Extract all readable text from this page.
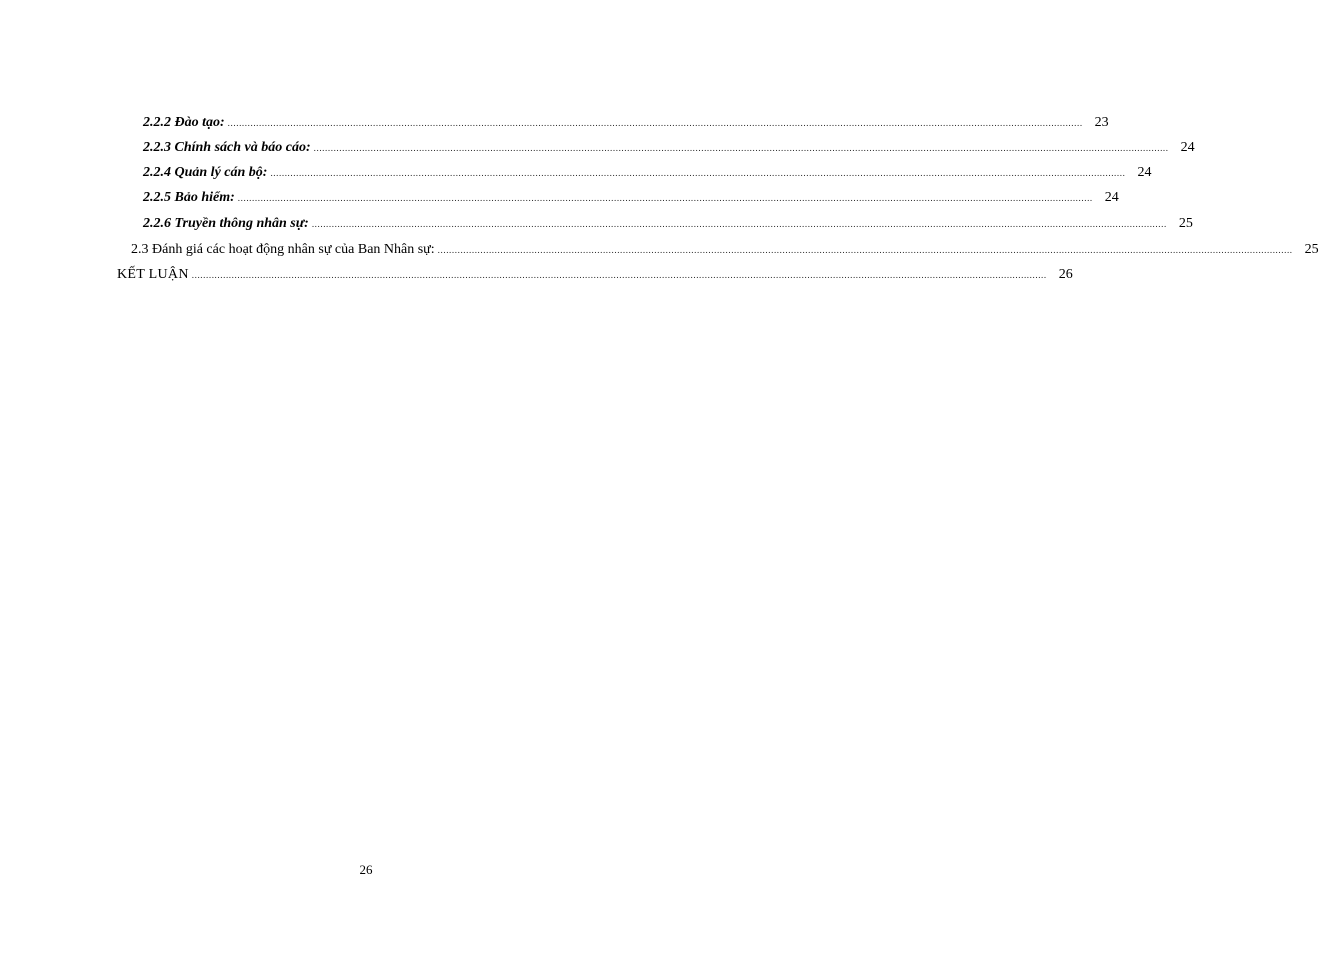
2.2.2 Đào tạo: ............................................................................................................................................................................................................................................................................................................ 23
2.2.3 Chính sách và báo cáo: ............................................................................................................................................................................................................................................................................................................ 24
2.2.4 Quản lý cán bộ: ............................................................................................................................................................................................................................................................................................................ 24
2.2.5 Bảo hiểm: ............................................................................................................................................................................................................................................................................................................ 24
2.2.6 Truyền thông nhân sự: ............................................................................................................................................................................................................................................................................................................ 25
2.3 Đánh giá các hoạt động nhân sự của Ban Nhân sự: ............................................................................................................................................................................................................................................................................................................ 25
KẾT LUẬN ............................................................................................................................................................................................................................................................................................................ 26
26
